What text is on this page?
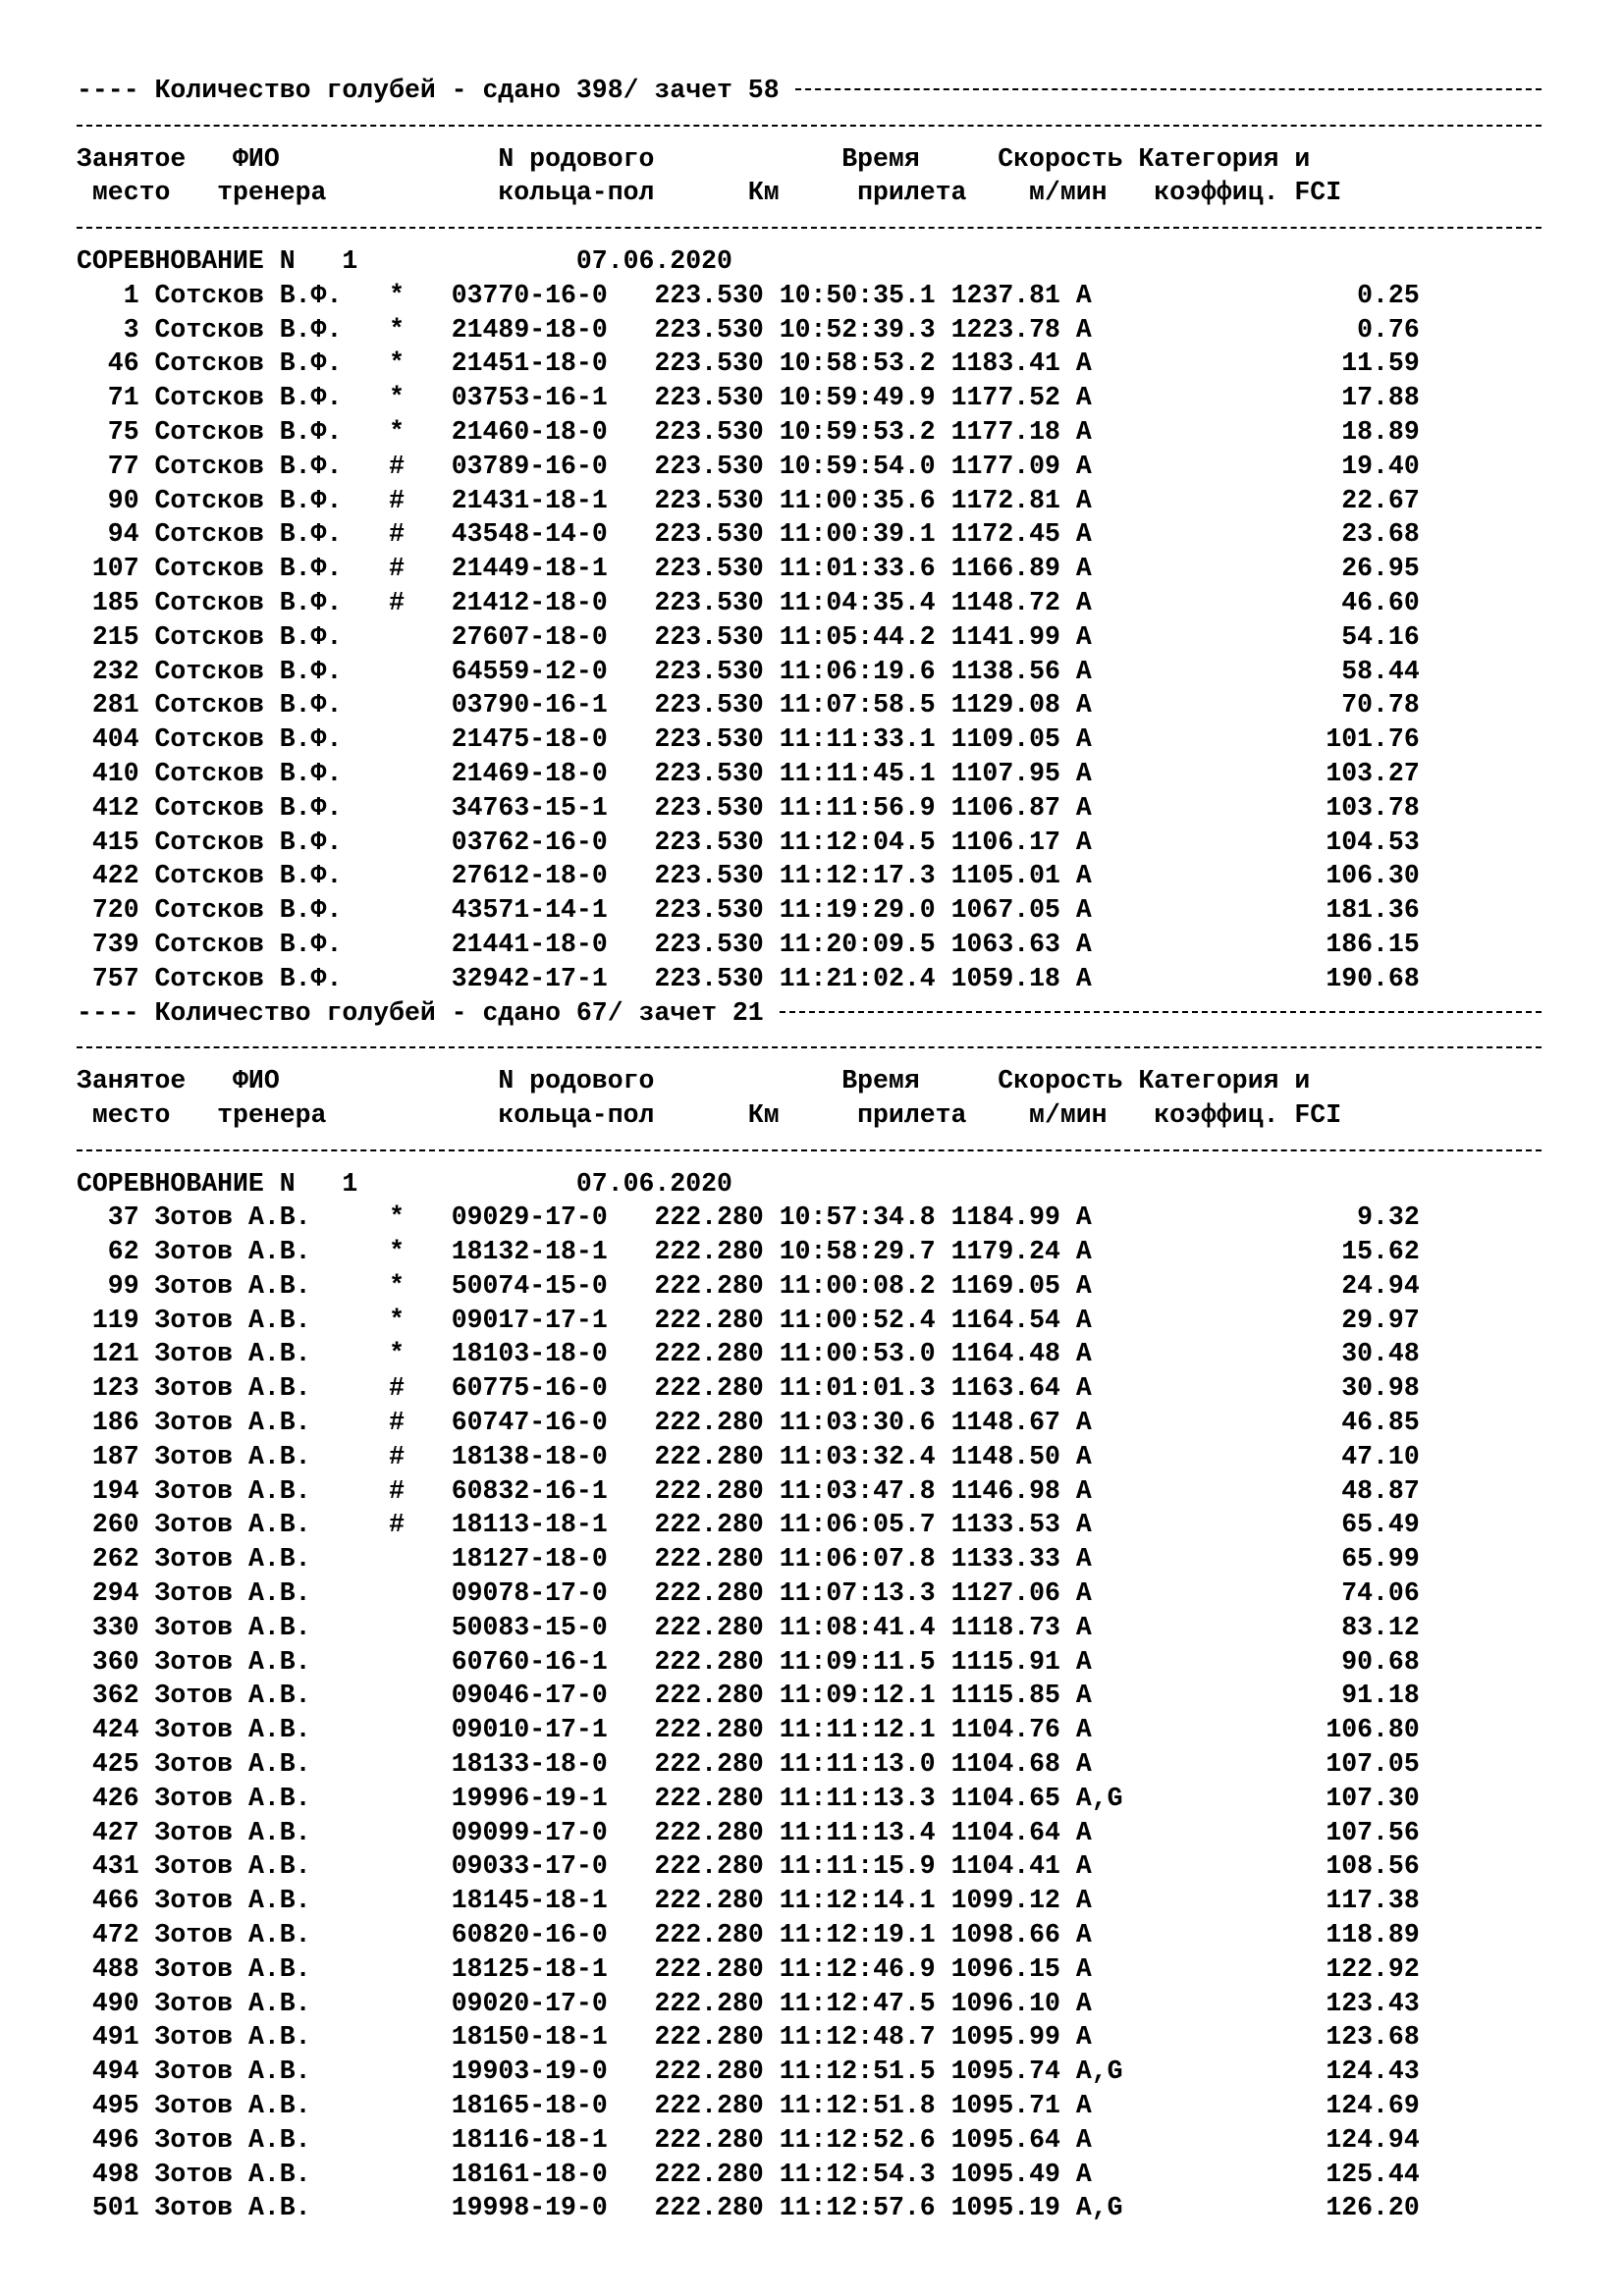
---- Количество голубей - сдано 398/ зачет 58
Занятое   ФИО              N родового            Время     Скорость Категория и
место   тренера           кольца-пол      Км     прилета    м/мин   коэффиц. FCI
СОРЕВНОВАНИЕ N   1	07.06.2020
1 Сотсков В.Ф.   * 03770-16-0 223.530 10:50:35.1 1237.81 A	0.25
3 Сотсков В.Ф.   * 21489-18-0 223.530 10:52:39.3 1223.78 A	0.76
46 Сотсков В.Ф.   * 21451-18-0 223.530 10:58:53.2 1183.41 A	11.59
71 Сотсков В.Ф.   * 03753-16-1 223.530 10:59:49.9 1177.52 A	17.88
75 Сотсков В.Ф.   * 21460-18-0 223.530 10:59:53.2 1177.18 A	18.89
77 Сотсков В.Ф.   # 03789-16-0 223.530 10:59:54.0 1177.09 A	19.40
90 Сотсков В.Ф.   # 21431-18-1 223.530 11:00:35.6 1172.81 A	22.67
94 Сотсков В.Ф.   # 43548-14-0 223.530 11:00:39.1 1172.45 A	23.68
107 Сотсков В.Ф.   # 21449-18-1 223.530 11:01:33.6 1166.89 A	26.95
185 Сотсков В.Ф.   # 21412-18-0 223.530 11:04:35.4 1148.72 A	46.60
215 Сотсков В.Ф.	27607-18-0 223.530 11:05:44.2 1141.99 A	54.16
232 Сотсков В.Ф.	64559-12-0 223.530 11:06:19.6 1138.56 A	58.44
281 Сотсков В.Ф.	03790-16-1 223.530 11:07:58.5 1129.08 A	70.78
404 Сотсков В.Ф.	21475-18-0 223.530 11:11:33.1 1109.05 A	101.76
410 Сотсков В.Ф.	21469-18-0 223.530 11:11:45.1 1107.95 A	103.27
412 Сотсков В.Ф.	34763-15-1 223.530 11:11:56.9 1106.87 A	103.78
415 Сотсков В.Ф.	03762-16-0 223.530 11:12:04.5 1106.17 A	104.53
422 Сотсков В.Ф.	27612-18-0 223.530 11:12:17.3 1105.01 A	106.30
720 Сотсков В.Ф.	43571-14-1 223.530 11:19:29.0 1067.05 A	181.36
739 Сотсков В.Ф.	21441-18-0 223.530 11:20:09.5 1063.63 A	186.15
757 Сотсков В.Ф.	32942-17-1 223.530 11:21:02.4 1059.18 A	190.68
---- Количество голубей - сдано 67/ зачет 21
Занятое   ФИО              N родового            Время     Скорость Категория и
место   тренера           кольца-пол      Км     прилета    м/мин   коэффиц. FCI
СОРЕВНОВАНИЕ N   1	07.06.2020
37 Зотов А.В.     * 09029-17-0 222.280 10:57:34.8 1184.99 A	9.32
62 Зотов А.В.     * 18132-18-1 222.280 10:58:29.7 1179.24 A	15.62
99 Зотов А.В.     * 50074-15-0 222.280 11:00:08.2 1169.05 A	24.94
119 Зотов А.В.     * 09017-17-1 222.280 11:00:52.4 1164.54 A	29.97
121 Зотов А.В.     * 18103-18-0 222.280 11:00:53.0 1164.48 A	30.48
123 Зотов А.В.     # 60775-16-0 222.280 11:01:01.3 1163.64 A	30.98
186 Зотов А.В.     # 60747-16-0 222.280 11:03:30.6 1148.67 A	46.85
187 Зотов А.В.     # 18138-18-0 222.280 11:03:32.4 1148.50 A	47.10
194 Зотов А.В.     # 60832-16-1 222.280 11:03:47.8 1146.98 A	48.87
260 Зотов А.В.     # 18113-18-1 222.280 11:06:05.7 1133.53 A	65.49
262 Зотов А.В.	18127-18-0 222.280 11:06:07.8 1133.33 A	65.99
294 Зотов А.В.	09078-17-0 222.280 11:07:13.3 1127.06 A	74.06
330 Зотов А.В.	50083-15-0 222.280 11:08:41.4 1118.73 A	83.12
360 Зотов А.В.	60760-16-1 222.280 11:09:11.5 1115.91 A	90.68
362 Зотов А.В.	09046-17-0 222.280 11:09:12.1 1115.85 A	91.18
424 Зотов А.В.	09010-17-1 222.280 11:11:12.1 1104.76 A	106.80
425 Зотов А.В.	18133-18-0 222.280 11:11:13.0 1104.68 A	107.05
426 Зотов А.В.	19996-19-1 222.280 11:11:13.3 1104.65 A,G	107.30
427 Зотов А.В.	09099-17-0 222.280 11:11:13.4 1104.64 A	107.56
431 Зотов А.В.	09033-17-0 222.280 11:11:15.9 1104.41 A	108.56
466 Зотов А.В.	18145-18-1 222.280 11:12:14.1 1099.12 A	117.38
472 Зотов А.В.	60820-16-0 222.280 11:12:19.1 1098.66 A	118.89
488 Зотов А.В.	18125-18-1 222.280 11:12:46.9 1096.15 A	122.92
490 Зотов А.В.	09020-17-0 222.280 11:12:47.5 1096.10 A	123.43
491 Зотов А.В.	18150-18-1 222.280 11:12:48.7 1095.99 A	123.68
494 Зотов А.В.	19903-19-0 222.280 11:12:51.5 1095.74 A,G	124.43
495 Зотов А.В.	18165-18-0 222.280 11:12:51.8 1095.71 A	124.69
496 Зотов А.В.	18116-18-1 222.280 11:12:52.6 1095.64 A	124.94
498 Зотов А.В.	18161-18-0 222.280 11:12:54.3 1095.49 A	125.44
501 Зотов А.В.	19998-19-0 222.280 11:12:57.6 1095.19 A,G	126.20
